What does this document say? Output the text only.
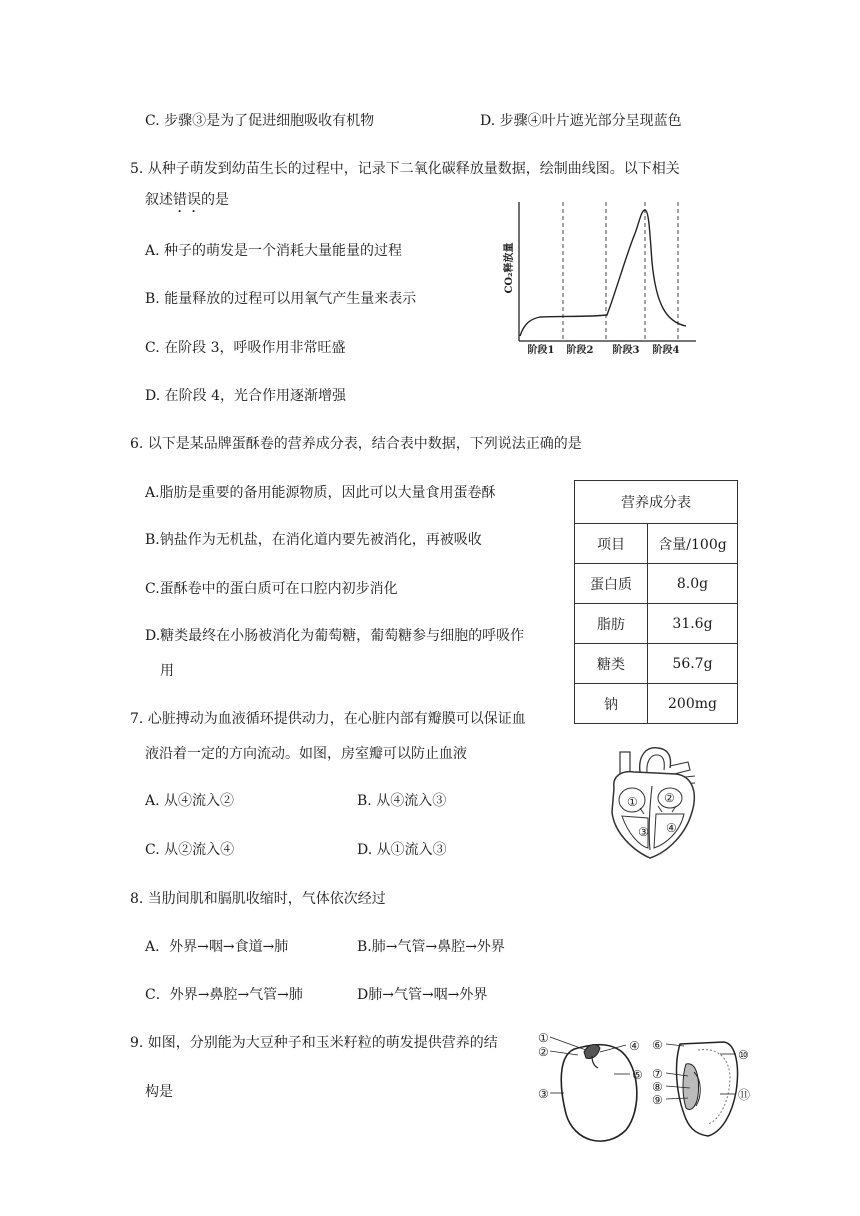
C. 步骤③是为了促进细胞吸收有机物	D. 步骤④叶片遮光部分呈现蓝色
5. 从种子萌发到幼苗生长的过程中，记录下二氧化碳释放量数据，绘制曲线图。以下相关
叙述错误的是
A. 种子的萌发是一个消耗大量能量的过程
B. 能量释放的过程可以用氧气产生量来表示
C. 在阶段 3，呼吸作用非常旺盛
D. 在阶段 4，光合作用逐渐增强
CO₂释放量
阶段1 阶段2 阶段3 阶段4
6. 以下是某品牌蛋酥卷的营养成分表，结合表中数据，下列说法正确的是
A.脂肪是重要的备用能源物质，因此可以大量食用蛋卷酥
B.钠盐作为无机盐，在消化道内要先被消化，再被吸收
C.蛋酥卷中的蛋白质可在口腔内初步消化
D.糖类最终在小肠被消化为葡萄糖，葡萄糖参与细胞的呼吸作
用
营养成分表	
项目	含量/100g
蛋白质	8.0g
脂肪	31.6g
糖类	56.7g
钠	200mg
7. 心脏搏动为血液循环提供动力，在心脏内部有瓣膜可以保证血
液沿着一定的方向流动。如图，房室瓣可以防止血液
A. 从④流入②	B. 从④流入③
C. 从②流入④	D. 从①流入③
① ②
③ ④
8. 当肋间肌和膈肌收缩时，气体依次经过
A．外界→咽→食道→肺	B.肺→气管→鼻腔→外界
C．外界→鼻腔→气管→肺	D肺→气管→咽→外界
9. 如图，分别能为大豆种子和玉米籽粒的萌发提供营养的结
构是
①
②
③
④
⑤
⑥
⑦
⑧
⑨
⑩
⑪
